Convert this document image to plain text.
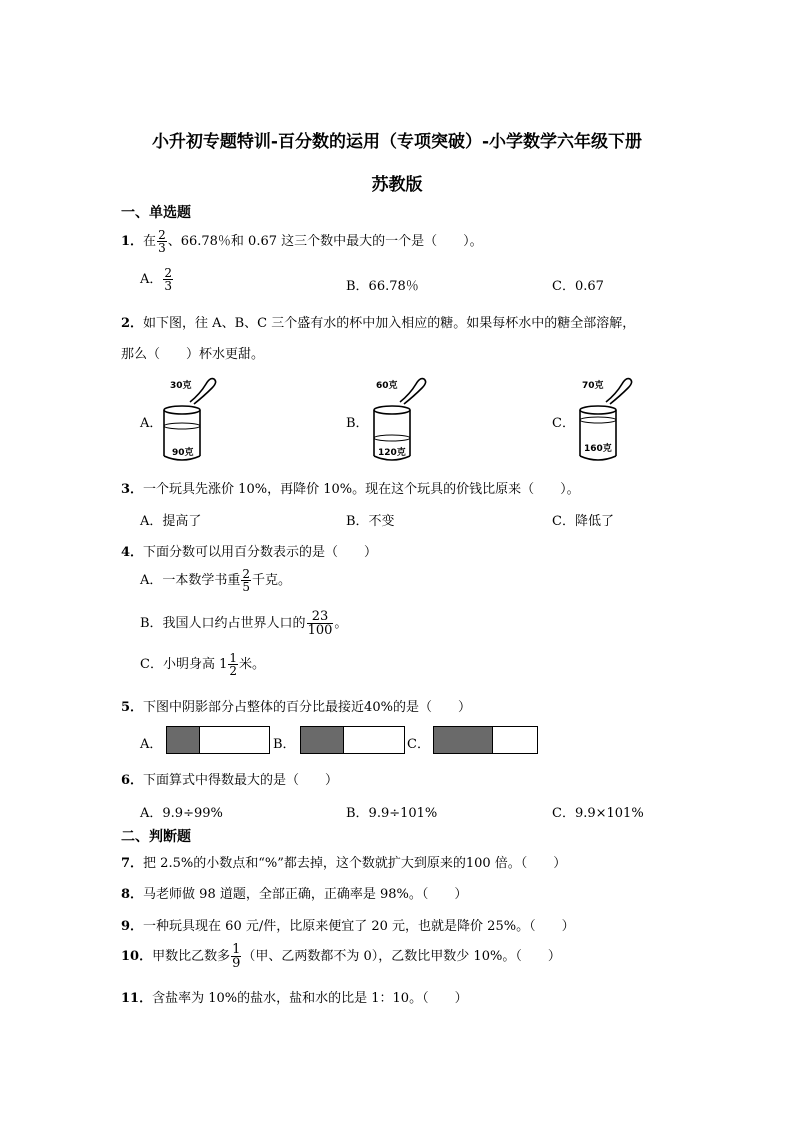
小升初专题特训-百分数的运用（专项突破）-小学数学六年级下册
苏教版
一、单选题
1．在 $\frac{2}{3}$ 、66.78％和 0.67 这三个数中最大的一个是（　　）。
A． $\frac{2}{3}$	B．66.78％	C．0.67
2．如下图，往 A、B、C 三个盛有水的杯中加入相应的糖。如果每杯水中的糖全部溶解，
那么（　　）杯水更甜。
A．	B．	C．
30克
90克
60克
120克
70克
160克
3．一个玩具先涨价 10%，再降价 10%。现在这个玩具的价钱比原来（　　）。
A．提高了	B．不变	C．降低了
4．下面分数可以用百分数表示的是（　　）
A．一本数学书重 $\frac{2}{5}$ 千克。
B．我国人口约占世界人口的 $\frac{23}{100}$ 。
C．小明身高 $1 \frac{1}{2}$ 米。
5．下图中阴影部分占整体的百分比最接近40%的是（　　）
A．	B．	C．
6．下面算式中得数最大的是（　　）
A．9.9÷99%	B．9.9÷101%	C．9.9×101%
二、判断题
7．把 2.5%的小数点和“%”都去掉，这个数就扩大到原来的100 倍。（　　）
8．马老师做 98 道题，全部正确，正确率是 98%。（　　）
9．一种玩具现在 60 元/件，比原来便宜了 20 元，也就是降价 25%。（　　）
10．甲数比乙数多 $\frac{1}{9}$ （甲、乙两数都不为 0），乙数比甲数少 10%。（　　）
11．含盐率为 10%的盐水，盐和水的比是 1：10。（　　）
